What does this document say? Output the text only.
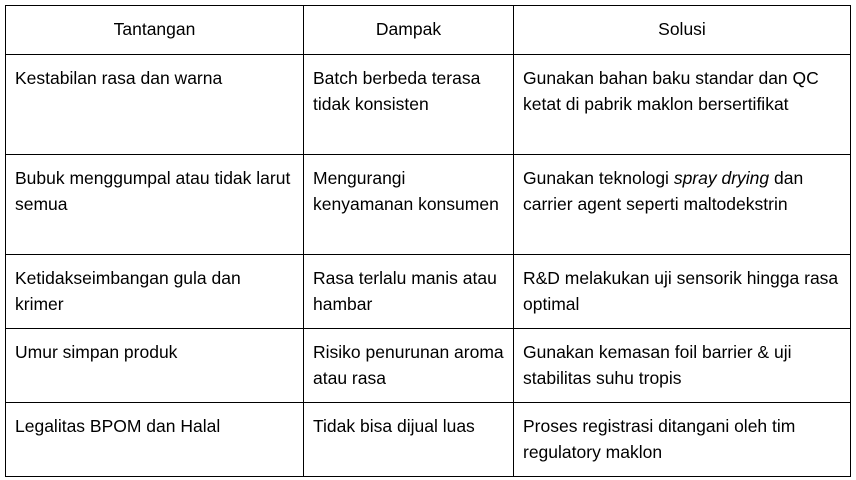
Tantangan	Dampak	Solusi
Kestabilan rasa dan warna	Batch berbeda terasa tidak konsisten	Gunakan bahan baku standar dan QC ketat di pabrik maklon bersertifikat
Bubuk menggumpal atau tidak larut semua	Mengurangi kenyamanan konsumen	Gunakan teknologi spray drying dan carrier agent seperti maltodekstrin
Ketidakseimbangan gula dan krimer	Rasa terlalu manis atau hambar	R&D melakukan uji sensorik hingga rasa optimal
Umur simpan produk	Risiko penurunan aroma atau rasa	Gunakan kemasan foil barrier & uji stabilitas suhu tropis
Legalitas BPOM dan Halal	Tidak bisa dijual luas	Proses registrasi ditangani oleh tim regulatory maklon
